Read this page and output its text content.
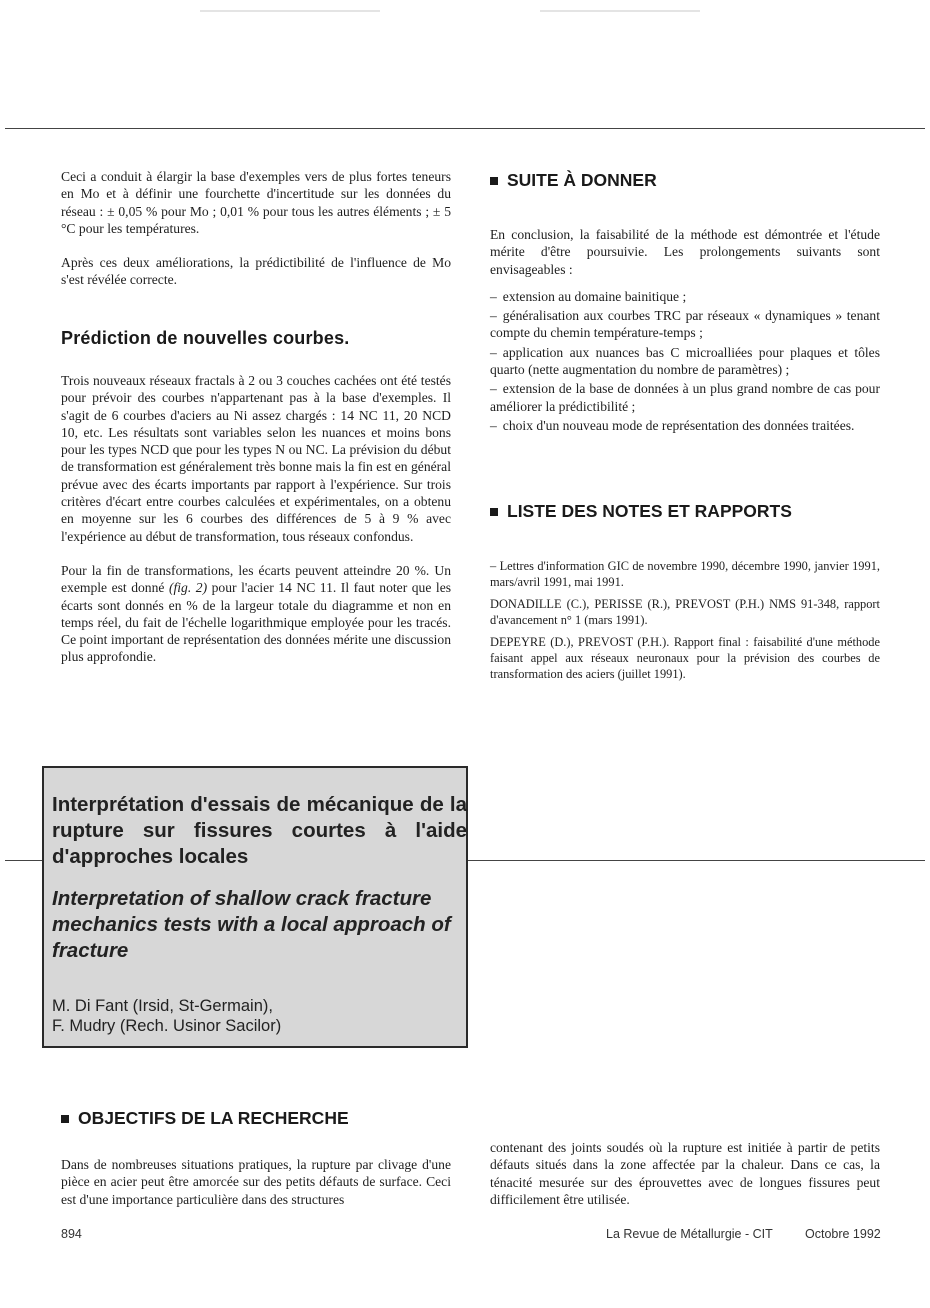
Ceci a conduit à élargir la base d'exemples vers de plus fortes teneurs en Mo et à définir une fourchette d'incertitude sur les données du réseau : ± 0,05 % pour Mo ; 0,01 % pour tous les autres éléments ; ± 5 °C pour les températures.

Après ces deux améliorations, la prédictibilité de l'influence de Mo s'est révélée correcte.

Prédiction de nouvelles courbes.

Trois nouveaux réseaux fractals à 2 ou 3 couches cachées ont été testés pour prévoir des courbes n'appartenant pas à la base d'exemples. Il s'agit de 6 courbes d'aciers au Ni assez chargés : 14 NC 11, 20 NCD 10, etc. Les résultats sont variables selon les nuances et moins bons pour les types NCD que pour les types N ou NC. La prévision du début de transformation est généralement très bonne mais la fin est en général prévue avec des écarts importants par rapport à l'expérience. Sur trois critères d'écart entre courbes calculées et expérimentales, on a obtenu en moyenne sur les 6 courbes des différences de 5 à 9 % avec l'expérience au début de transformation, tous réseaux confondus.

Pour la fin de transformations, les écarts peuvent atteindre 20 %. Un exemple est donné (fig. 2) pour l'acier 14 NC 11. Il faut noter que les écarts sont donnés en % de la largeur totale du diagramme et non en temps réel, du fait de l'échelle logarithmique employée pour les tracés. Ce point important de représentation des données mérite une discussion plus approfondie.

SUITE À DONNER

En conclusion, la faisabilité de la méthode est démontrée et l'étude mérite d'être poursuivie. Les prolongements suivants sont envisageables :

– extension au domaine bainitique ;
– généralisation aux courbes TRC par réseaux « dynamiques » tenant compte du chemin température-temps ;
– application aux nuances bas C microalliées pour plaques et tôles quarto (nette augmentation du nombre de paramètres) ;
– extension de la base de données à un plus grand nombre de cas pour améliorer la prédictibilité ;
– choix d'un nouveau mode de représentation des données traitées.
LISTE DES NOTES ET RAPPORTS

– Lettres d'information GIC de novembre 1990, décembre 1990, janvier 1991, mars/avril 1991, mai 1991.

DONADILLE (C.), PERISSE (R.), PREVOST (P.H.) NMS 91-348, rapport d'avancement n° 1 (mars 1991).

DEPEYRE (D.), PREVOST (P.H.). Rapport final : faisabilité d'une méthode faisant appel aux réseaux neuronaux pour la prévision des courbes de transformation des aciers (juillet 1991).

Interprétation d'essais de mécanique de la rupture sur fissures courtes à l'aide d'approches locales
Interpretation of shallow crack fracture mechanics tests with a local approach of fracture
M. Di Fant (Irsid, St-Germain),
F. Mudry (Rech. Usinor Sacilor)
OBJECTIFS DE LA RECHERCHE

Dans de nombreuses situations pratiques, la rupture par clivage d'une pièce en acier peut être amorcée sur des petits défauts de surface. Ceci est d'une importance particulière dans des structures

contenant des joints soudés où la rupture est initiée à partir de petits défauts situés dans la zone affectée par la chaleur. Dans ce cas, la ténacité mesurée sur des éprouvettes avec de longues fissures peut difficilement être utilisée.

894	La Revue de Métallurgie - CIT	Octobre 1992
